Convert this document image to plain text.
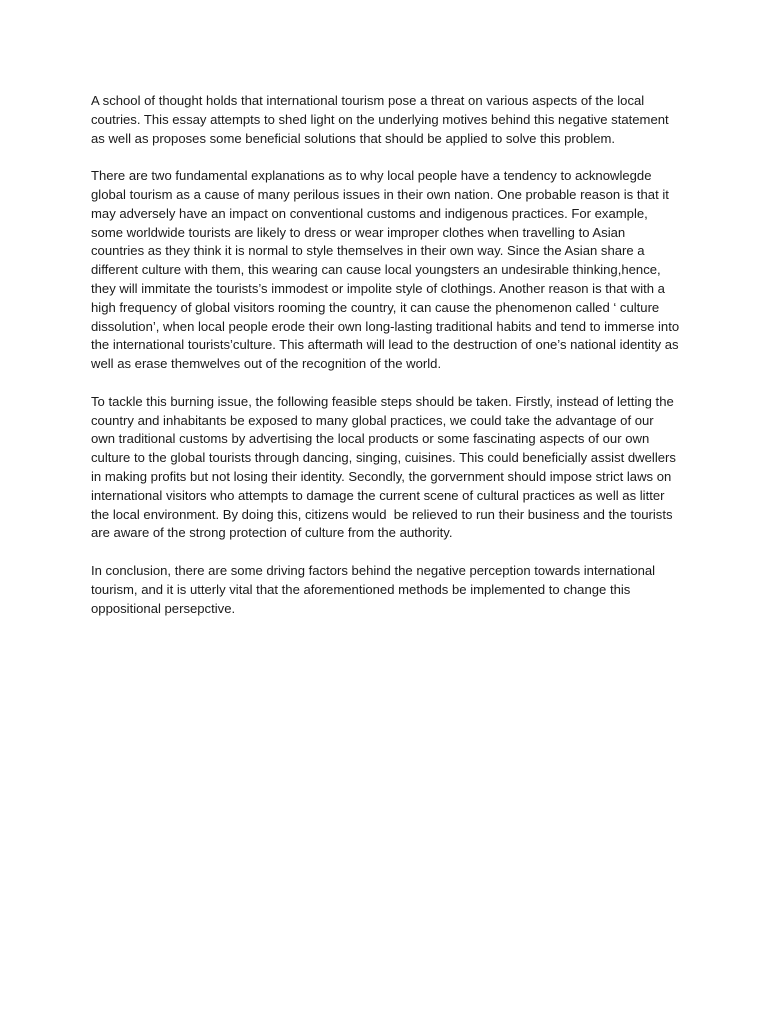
A school of thought holds that international tourism pose a threat on various aspects of the local coutries. This essay attempts to shed light on the underlying motives behind this negative statement as well as proposes some beneficial solutions that should be applied to solve this problem.

There are two fundamental explanations as to why local people have a tendency to acknowlegde global tourism as a cause of many perilous issues in their own nation. One probable reason is that it may adversely have an impact on conventional customs and indigenous practices. For example, some worldwide tourists are likely to dress or wear improper clothes when travelling to Asian countries as they think it is normal to style themselves in their own way. Since the Asian share a different culture with them, this wearing can cause local youngsters an undesirable thinking,hence, they will immitate the tourists’s immodest or impolite style of clothings. Another reason is that with a high frequency of global visitors rooming the country, it can cause the phenomenon called ‘ culture dissolution’, when local people erode their own long-lasting traditional habits and tend to immerse into the international tourists’culture. This aftermath will lead to the destruction of one’s national identity as well as erase themwelves out of the recognition of the world.

To tackle this burning issue, the following feasible steps should be taken. Firstly, instead of letting the country and inhabitants be exposed to many global practices, we could take the advantage of our own traditional customs by advertising the local products or some fascinating aspects of our own culture to the global tourists through dancing, singing, cuisines. This could beneficially assist dwellers in making profits but not losing their identity. Secondly, the gorvernment should impose strict laws on international visitors who attempts to damage the current scene of cultural practices as well as litter the local environment. By doing this, citizens would  be relieved to run their business and the tourists are aware of the strong protection of culture from the authority.

In conclusion, there are some driving factors behind the negative perception towards international tourism, and it is utterly vital that the aforementioned methods be implemented to change this oppositional persepctive.
